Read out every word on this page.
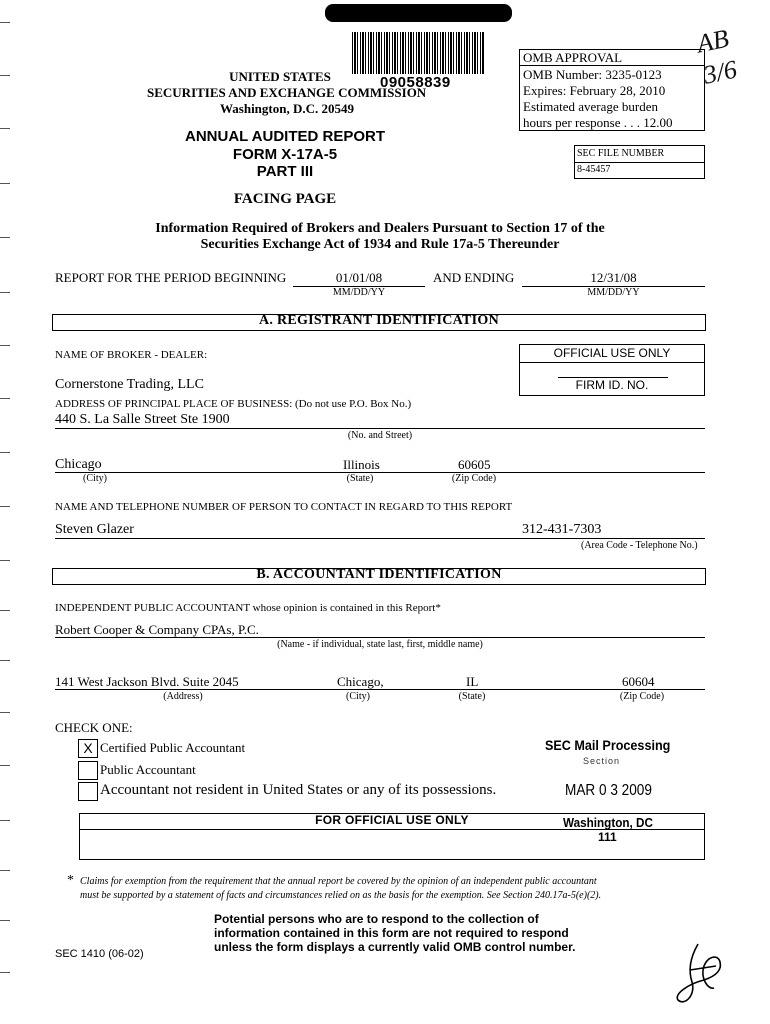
09058839
UNITED STATES
SECURITIES AND EXCHANGE COMMISSION
Washington, D.C. 20549
OMB APPROVAL
OMB Number: 3235-0123
Expires: February 28, 2010
Estimated average burden
hours per response . . . 12.00
AB 3/6
ANNUAL AUDITED REPORT
FORM X-17A-5
PART III
SEC FILE NUMBER
8-45457
FACING PAGE
Information Required of Brokers and Dealers Pursuant to Section 17 of the
Securities Exchange Act of 1934 and Rule 17a-5 Thereunder
REPORT FOR THE PERIOD BEGINNING	01/01/08
MM/DD/YY
AND ENDING	12/31/08
MM/DD/YY
A. REGISTRANT IDENTIFICATION
NAME OF BROKER - DEALER:
Cornerstone Trading, LLC
OFFICIAL USE ONLY
FIRM ID. NO.
ADDRESS OF PRINCIPAL PLACE OF BUSINESS: (Do not use P.O. Box No.)
440 S. La Salle Street Ste 1900
(No. and Street)
Chicago	Illinois	60605
(City)	(State)	(Zip Code)
NAME AND TELEPHONE NUMBER OF PERSON TO CONTACT IN REGARD TO THIS REPORT
Steven Glazer	312-431-7303
(Area Code - Telephone No.)
B. ACCOUNTANT IDENTIFICATION
INDEPENDENT PUBLIC ACCOUNTANT whose opinion is contained in this Report*
Robert Cooper & Company CPAs, P.C.
(Name - if individual, state last, first, middle name)
141 West Jackson Blvd. Suite 2045	Chicago,	IL	60604
(Address)	(City)	(State)	(Zip Code)
CHECK ONE:
X Certified Public Accountant
Public Accountant
Accountant not resident in United States or any of its possessions.
SEC Mail Processing
Section
MAR 0 3 2009
FOR OFFICIAL USE ONLY	Washington, DC
111
* Claims for exemption from the requirement that the annual report be covered by the opinion of an independent public accountant
must be supported by a statement of facts and circumstances relied on as the basis for the exemption. See Section 240.17a-5(e)(2).
Potential persons who are to respond to the collection of
information contained in this form are not required to respond
unless the form displays a currently valid OMB control number.
SEC 1410 (06-02)
